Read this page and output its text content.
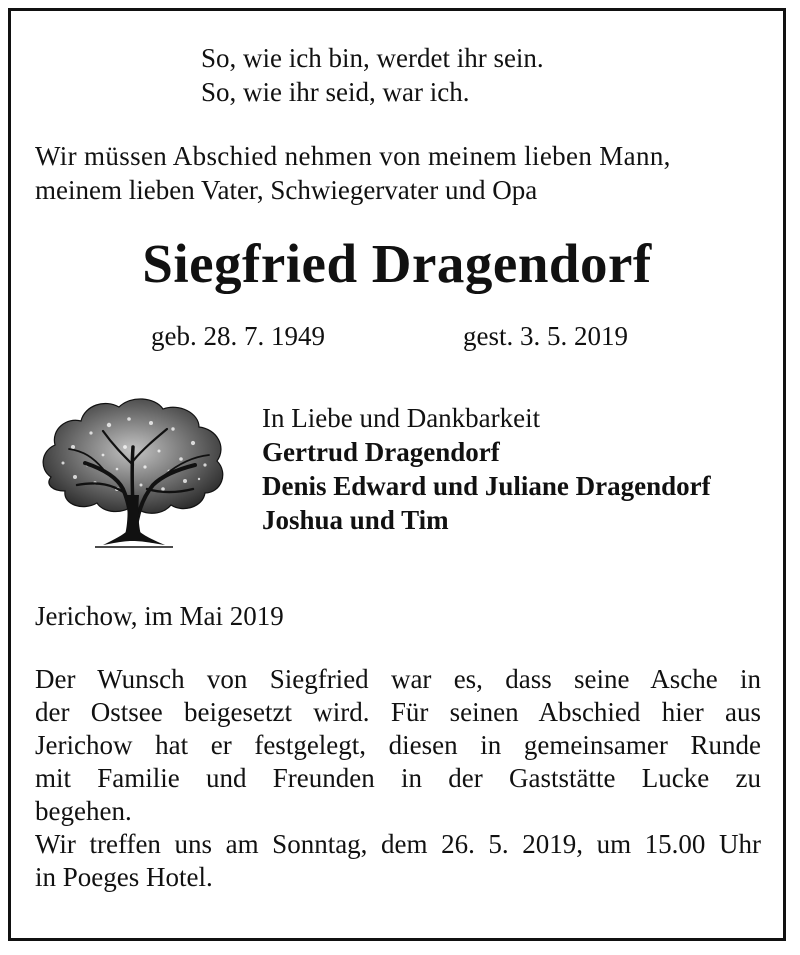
So, wie ich bin, werdet ihr sein.
So, wie ihr seid, war ich.
Wir müssen Abschied nehmen von meinem lieben Mann,
meinem lieben Vater, Schwiegervater und Opa
Siegfried Dragendorf
geb. 28. 7. 1949	gest. 3. 5. 2019
In Liebe und Dankbarkeit
Gertrud Dragendorf
Denis Edward und Juliane Dragendorf
Joshua und Tim
Jerichow, im Mai 2019
Der Wunsch von Siegfried war es, dass seine Asche in
der Ostsee beigesetzt wird. Für seinen Abschied hier aus
Jerichow hat er festgelegt, diesen in gemeinsamer Runde
mit Familie und Freunden in der Gaststätte Lucke zu
begehen.
Wir treffen uns am Sonntag, dem 26. 5. 2019, um 15.00 Uhr
in Poeges Hotel.
